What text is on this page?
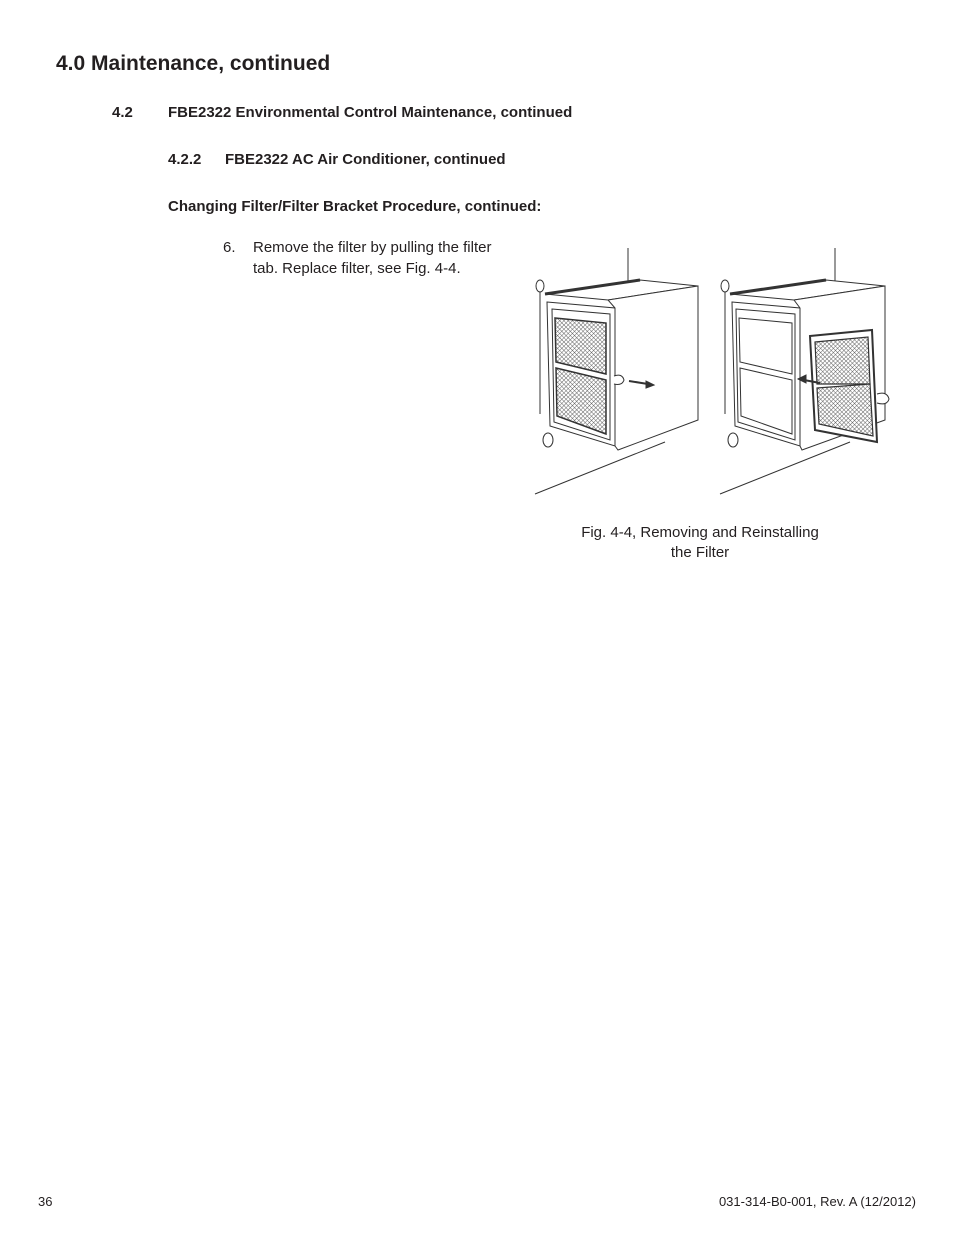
4.0 Maintenance, continued
4.2 FBE2322 Environmental Control Maintenance, continued
4.2.2 FBE2322 AC Air Conditioner, continued
Changing Filter/Filter Bracket Procedure, continued:
6. Remove the filter by pulling the filter tab. Replace filter, see Fig. 4-4.
Fig. 4-4, Removing and Reinstalling
the Filter
36	031-314-B0-001, Rev. A (12/2012)
